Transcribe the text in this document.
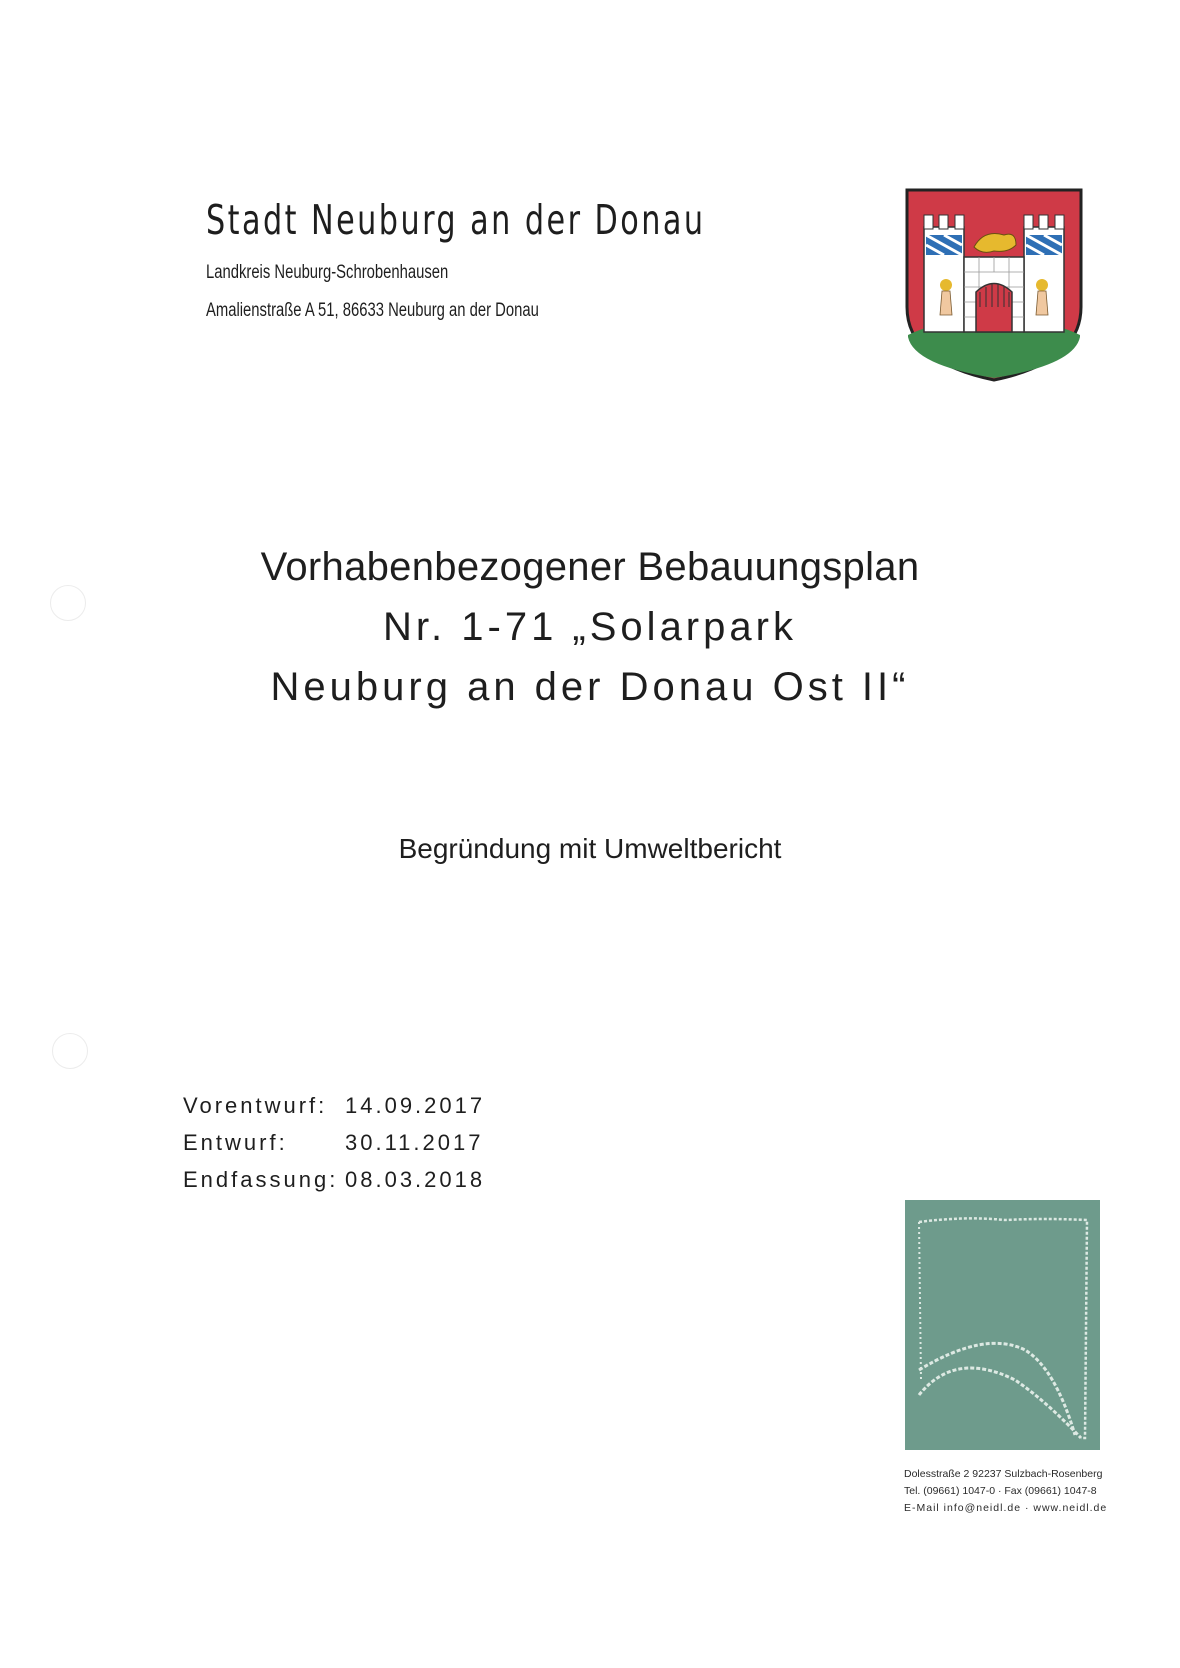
Stadt Neuburg an der Donau
Landkreis Neuburg-Schrobenhausen
Amalienstraße A 51, 86633 Neuburg an der Donau
Vorhabenbezogener Bebauungsplan
Nr. 1-71 „Solarpark
Neuburg an der Donau Ost II“
Begründung mit Umweltbericht
Vorentwurf:	14.09.2017
Entwurf:	30.11.2017
Endfassung:	08.03.2018
Dolesstraße 2 92237 Sulzbach-Rosenberg
Tel. (09661) 1047-0 · Fax (09661) 1047-8
E-Mail info@neidl.de · www.neidl.de
